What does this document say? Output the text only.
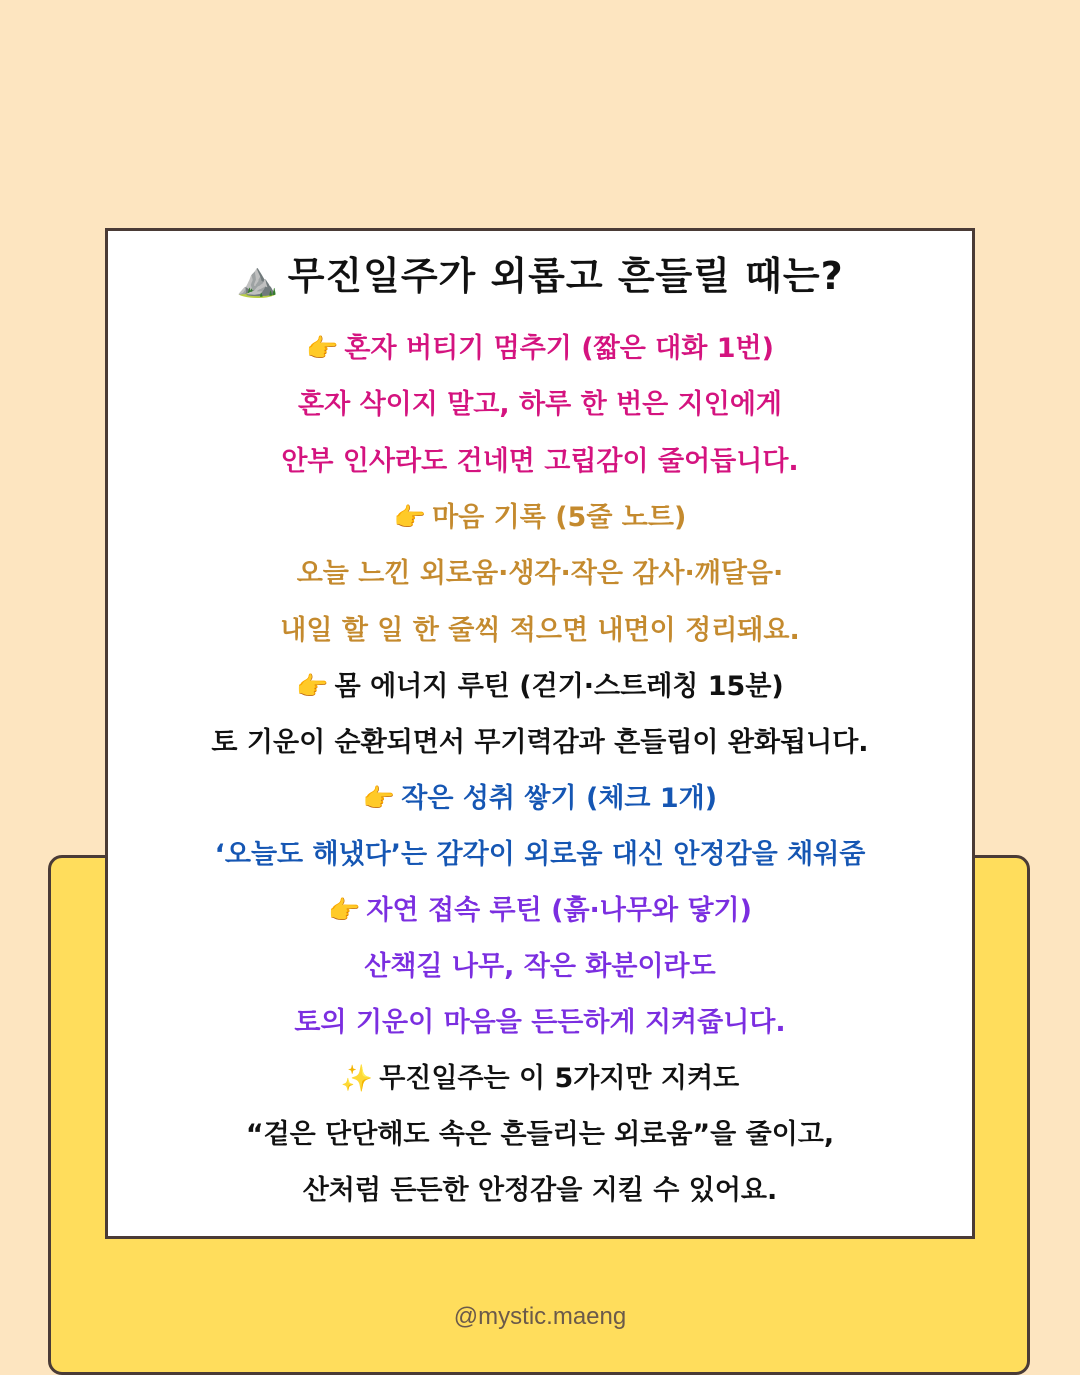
⛰️ 무진일주가 외롭고 흔들릴 때는?
👉 혼자 버티기 멈추기 (짧은 대화 1번)
혼자 삭이지 말고, 하루 한 번은 지인에게
안부 인사라도 건네면 고립감이 줄어듭니다.
👉 마음 기록 (5줄 노트)
오늘 느낀 외로움·생각·작은 감사·깨달음·
내일 할 일 한 줄씩 적으면 내면이 정리돼요.
👉 몸 에너지 루틴 (걷기·스트레칭 15분)
토 기운이 순환되면서 무기력감과 흔들림이 완화됩니다.
👉 작은 성취 쌓기 (체크 1개)
‘오늘도 해냈다’는 감각이 외로움 대신 안정감을 채워줌
👉 자연 접속 루틴 (흙·나무와 닿기)
산책길 나무, 작은 화분이라도
토의 기운이 마음을 든든하게 지켜줍니다.
✨ 무진일주는 이 5가지만 지켜도
“겉은 단단해도 속은 흔들리는 외로움”을 줄이고,
산처럼 든든한 안정감을 지킬 수 있어요.
@mystic.maeng
